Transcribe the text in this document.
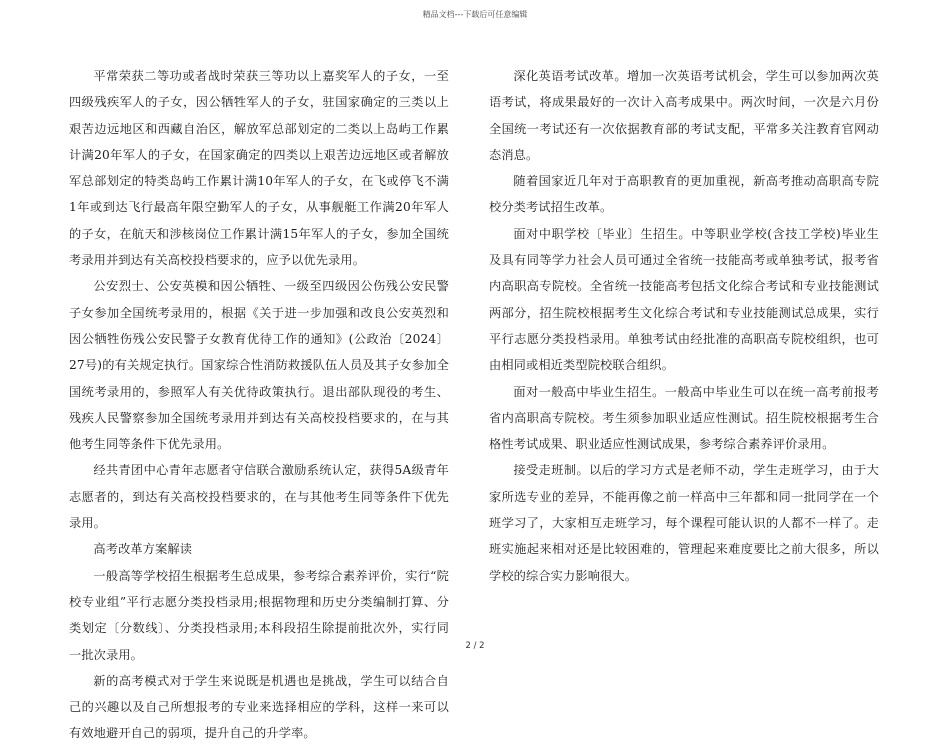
精品文档---下载后可任意编辑

平常荣获二等功或者战时荣获三等功以上嘉奖军人的子女，一至四级残疾军人的子女，因公牺牲军人的子女，驻国家确定的三类以上艰苦边远地区和西藏自治区，解放军总部划定的二类以上岛屿工作累计满20年军人的子女，在国家确定的四类以上艰苦边远地区或者解放军总部划定的特类岛屿工作累计满10年军人的子女，在飞或停飞不满1年或到达飞行最高年限空勤军人的子女，从事舰艇工作满20年军人的子女，在航天和涉核岗位工作累计满15年军人的子女，参加全国统考录用并到达有关高校投档要求的，应予以优先录用。

公安烈士、公安英模和因公牺牲、一级至四级因公伤残公安民警子女参加全国统考录用的，根据《关于进一步加强和改良公安英烈和因公牺牲伤残公安民警子女教育优待工作的通知》(公政治〔2024〕27号)的有关规定执行。国家综合性消防救援队伍人员及其子女参加全国统考录用的，参照军人有关优待政策执行。退出部队现役的考生、残疾人民警察参加全国统考录用并到达有关高校投档要求的，在与其他考生同等条件下优先录用。

经共青团中心青年志愿者守信联合激励系统认定，获得5A级青年志愿者的，到达有关高校投档要求的，在与其他考生同等条件下优先录用。

高考改革方案解读

一般高等学校招生根据考生总成果，参考综合素养评价，实行“院校专业组”平行志愿分类投档录用;根据物理和历史分类编制打算、分类划定〔分数线〕、分类投档录用;本科段招生除提前批次外，实行同一批次录用。

新的高考模式对于学生来说既是机遇也是挑战，学生可以结合自己的兴趣以及自己所想报考的专业来选择相应的学科，这样一来可以有效地避开自己的弱项，提升自己的升学率。

深化英语考试改革。增加一次英语考试机会，学生可以参加两次英语考试，将成果最好的一次计入高考成果中。两次时间，一次是六月份全国统一考试还有一次依据教育部的考试支配，平常多关注教育官网动态消息。

随着国家近几年对于高职教育的更加重视，新高考推动高职高专院校分类考试招生改革。

面对中职学校〔毕业〕生招生。中等职业学校(含技工学校)毕业生及具有同等学力社会人员可通过全省统一技能高考或单独考试，报考省内高职高专院校。全省统一技能高考包括文化综合考试和专业技能测试两部分，招生院校根据考生文化综合考试和专业技能测试总成果，实行平行志愿分类投档录用。单独考试由经批准的高职高专院校组织，也可由相同或相近类型院校联合组织。

面对一般高中毕业生招生。一般高中毕业生可以在统一高考前报考省内高职高专院校。考生须参加职业适应性测试。招生院校根据考生合格性考试成果、职业适应性测试成果，参考综合素养评价录用。

接受走班制。以后的学习方式是老师不动，学生走班学习，由于大家所选专业的差异，不能再像之前一样高中三年都和同一批同学在一个班学习了，大家相互走班学习，每个课程可能认识的人都不一样了。走班实施起来相对还是比较困难的，管理起来难度要比之前大很多，所以学校的综合实力影响很大。

2 / 2
